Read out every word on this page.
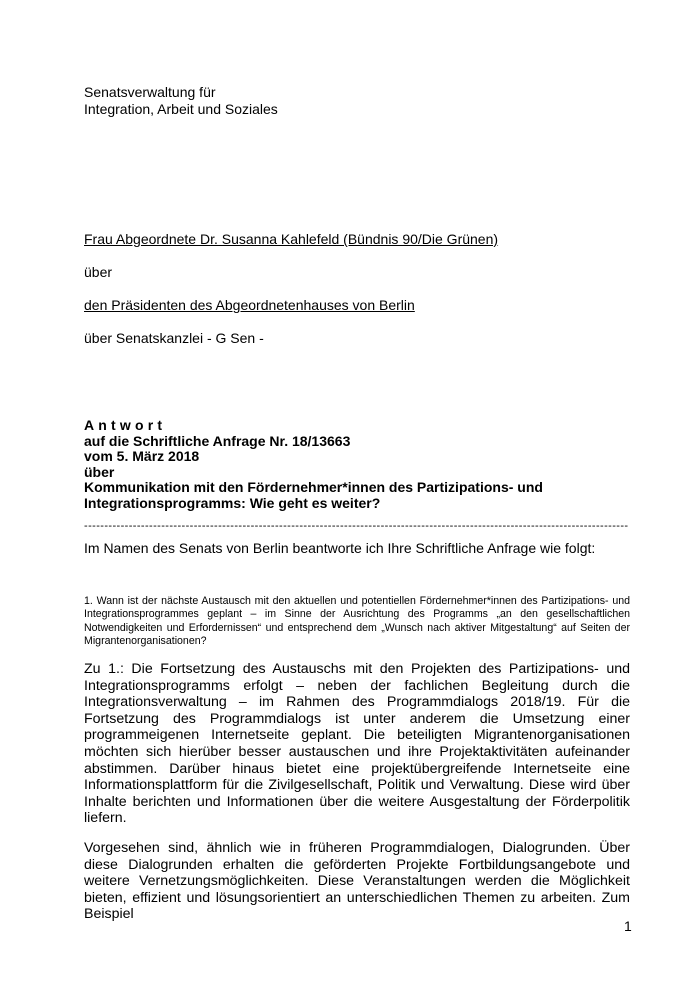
Senatsverwaltung für
Integration, Arbeit und Soziales

Frau Abgeordnete Dr. Susanna Kahlefeld (Bündnis 90/Die Grünen)

über

den Präsidenten des Abgeordnetenhauses von Berlin

über Senatskanzlei - G Sen -

Antwort
auf die Schriftliche Anfrage Nr. 18/13663
vom 5. März 2018
über
Kommunikation mit den Fördernehmer*innen des Partizipations- und Integrationsprogramms: Wie geht es weiter?
--------------------------------------------------------------------------------------------------------------------------------------

Im Namen des Senats von Berlin beantworte ich Ihre Schriftliche Anfrage wie folgt:

1. Wann ist der nächste Austausch mit den aktuellen und potentiellen Fördernehmer*innen des Partizipations- und Integrationsprogrammes geplant – im Sinne der Ausrichtung des Programms „an den gesellschaftlichen Notwendigkeiten und Erfordernissen“ und entsprechend dem „Wunsch nach aktiver Mitgestaltung“ auf Seiten der Migrantenorganisationen?

Zu 1.: Die Fortsetzung des Austauschs mit den Projekten des Partizipations- und Integrationsprogramms erfolgt – neben der fachlichen Begleitung durch die Integrationsverwaltung – im Rahmen des Programmdialogs 2018/19. Für die Fortsetzung des Programmdialogs ist unter anderem die Umsetzung einer programmeigenen Internetseite geplant. Die beteiligten Migrantenorganisationen möchten sich hierüber besser austauschen und ihre Projektaktivitäten aufeinander abstimmen. Darüber hinaus bietet eine projektübergreifende Internetseite eine Informationsplattform für die Zivilgesellschaft, Politik und Verwaltung. Diese wird über Inhalte berichten und Informationen über die weitere Ausgestaltung der Förderpolitik liefern.

Vorgesehen sind, ähnlich wie in früheren Programmdialogen, Dialogrunden. Über diese Dialogrunden erhalten die geförderten Projekte Fortbildungsangebote und weitere Vernetzungsmöglichkeiten. Diese Veranstaltungen werden die Möglichkeit bieten, effizient und lösungsorientiert an unterschiedlichen Themen zu arbeiten. Zum Beispiel

1
